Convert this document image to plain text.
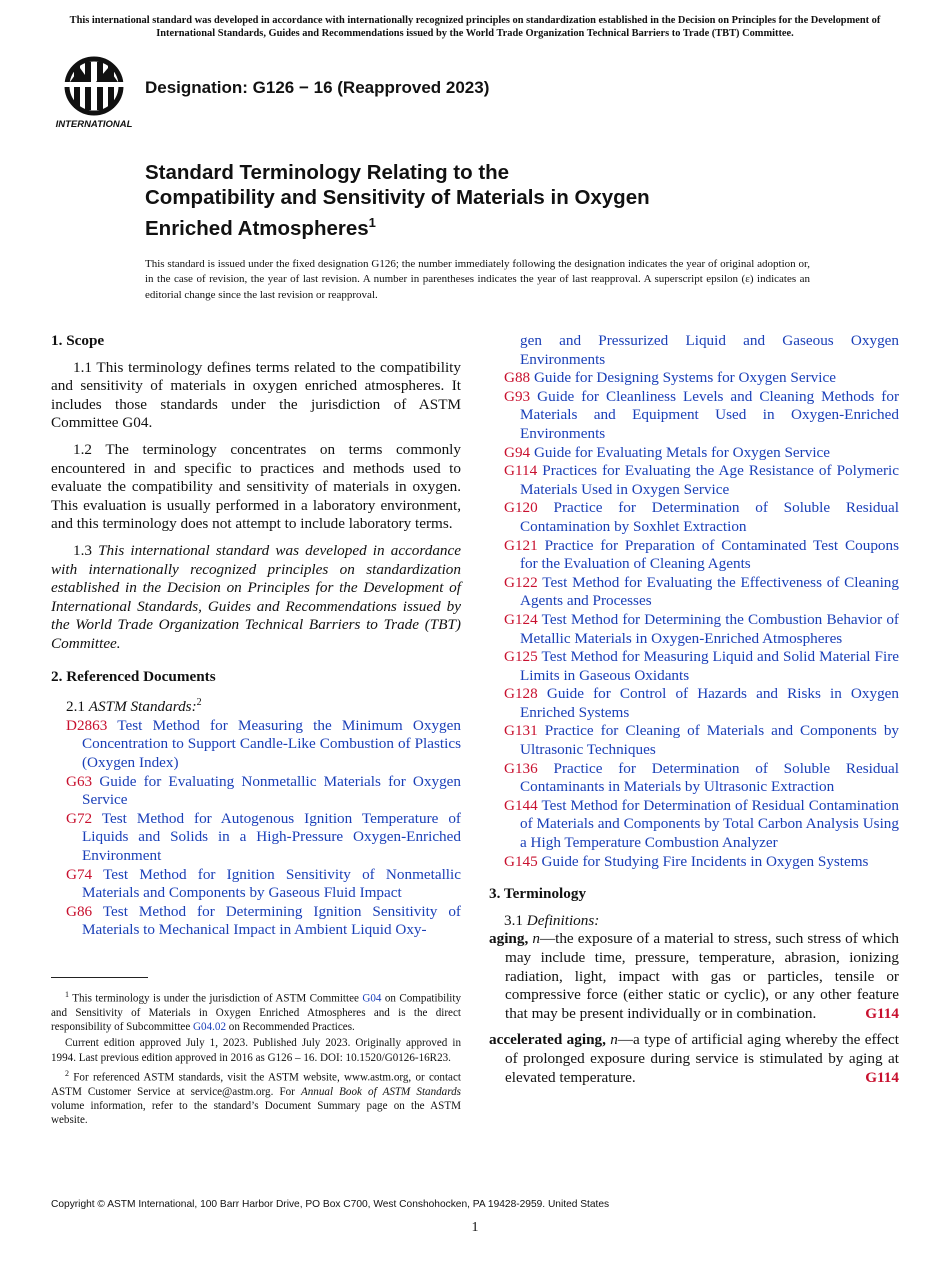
This international standard was developed in accordance with internationally recognized principles on standardization established in the Decision on Principles for the Development of International Standards, Guides and Recommendations issued by the World Trade Organization Technical Barriers to Trade (TBT) Committee.
INTERNATIONAL
Designation: G126 − 16 (Reapproved 2023)
Standard Terminology Relating to the
Compatibility and Sensitivity of Materials in Oxygen
Enriched Atmospheres$^1$
This standard is issued under the fixed designation G126; the number immediately following the designation indicates the year of original adoption or, in the case of revision, the year of last revision. A number in parentheses indicates the year of last reapproval. A superscript epsilon (ε) indicates an editorial change since the last revision or reapproval.

1. Scope

1.1 This terminology defines terms related to the compatibility and sensitivity of materials in oxygen enriched atmospheres. It includes those standards under the jurisdiction of ASTM Committee G04.

1.2 The terminology concentrates on terms commonly encountered in and specific to practices and methods used to evaluate the compatibility and sensitivity of materials in oxygen. This evaluation is usually performed in a laboratory environment, and this terminology does not attempt to include laboratory terms.

1.3 This international standard was developed in accordance with internationally recognized principles on standardization established in the Decision on Principles for the Development of International Standards, Guides and Recommendations issued by the World Trade Organization Technical Barriers to Trade (TBT) Committee.

2. Referenced Documents

2.1 ASTM Standards:$^2$

D2863 Test Method for Measuring the Minimum Oxygen Concentration to Support Candle-Like Combustion of Plastics (Oxygen Index)

G63 Guide for Evaluating Nonmetallic Materials for Oxygen Service

G72 Test Method for Autogenous Ignition Temperature of Liquids and Solids in a High-Pressure Oxygen-Enriched Environment

G74 Test Method for Ignition Sensitivity of Nonmetallic Materials and Components by Gaseous Fluid Impact

G86 Test Method for Determining Ignition Sensitivity of Materials to Mechanical Impact in Ambient Liquid Oxy-

gen and Pressurized Liquid and Gaseous Oxygen Environments

G88 Guide for Designing Systems for Oxygen Service

G93 Guide for Cleanliness Levels and Cleaning Methods for Materials and Equipment Used in Oxygen-Enriched Environments

G94 Guide for Evaluating Metals for Oxygen Service

G114 Practices for Evaluating the Age Resistance of Polymeric Materials Used in Oxygen Service

G120 Practice for Determination of Soluble Residual Contamination by Soxhlet Extraction

G121 Practice for Preparation of Contaminated Test Coupons for the Evaluation of Cleaning Agents

G122 Test Method for Evaluating the Effectiveness of Cleaning Agents and Processes

G124 Test Method for Determining the Combustion Behavior of Metallic Materials in Oxygen-Enriched Atmospheres

G125 Test Method for Measuring Liquid and Solid Material Fire Limits in Gaseous Oxidants

G128 Guide for Control of Hazards and Risks in Oxygen Enriched Systems

G131 Practice for Cleaning of Materials and Components by Ultrasonic Techniques

G136 Practice for Determination of Soluble Residual Contaminants in Materials by Ultrasonic Extraction

G144 Test Method for Determination of Residual Contamination of Materials and Components by Total Carbon Analysis Using a High Temperature Combustion Analyzer

G145 Guide for Studying Fire Incidents in Oxygen Systems

3. Terminology

3.1 Definitions:

aging, n—the exposure of a material to stress, such stress of which may include time, pressure, temperature, abrasion, ionizing radiation, light, impact with gas or particles, tensile or compressive force (either static or cyclic), or any other feature that may be present individually or in combination.	G114

accelerated aging, n—a type of artificial aging whereby the effect of prolonged exposure during service is stimulated by aging at elevated temperature.	G114

$^1$ This terminology is under the jurisdiction of ASTM Committee G04 on Compatibility and Sensitivity of Materials in Oxygen Enriched Atmospheres and is the direct responsibility of Subcommittee G04.02 on Recommended Practices.

Current edition approved July 1, 2023. Published July 2023. Originally approved in 1994. Last previous edition approved in 2016 as G126 – 16. DOI: 10.1520/G0126-16R23.

$^2$ For referenced ASTM standards, visit the ASTM website, www.astm.org, or contact ASTM Customer Service at service@astm.org. For Annual Book of ASTM Standards volume information, refer to the standard’s Document Summary page on the ASTM website.

Copyright © ASTM International, 100 Barr Harbor Drive, PO Box C700, West Conshohocken, PA 19428-2959. United States
1
